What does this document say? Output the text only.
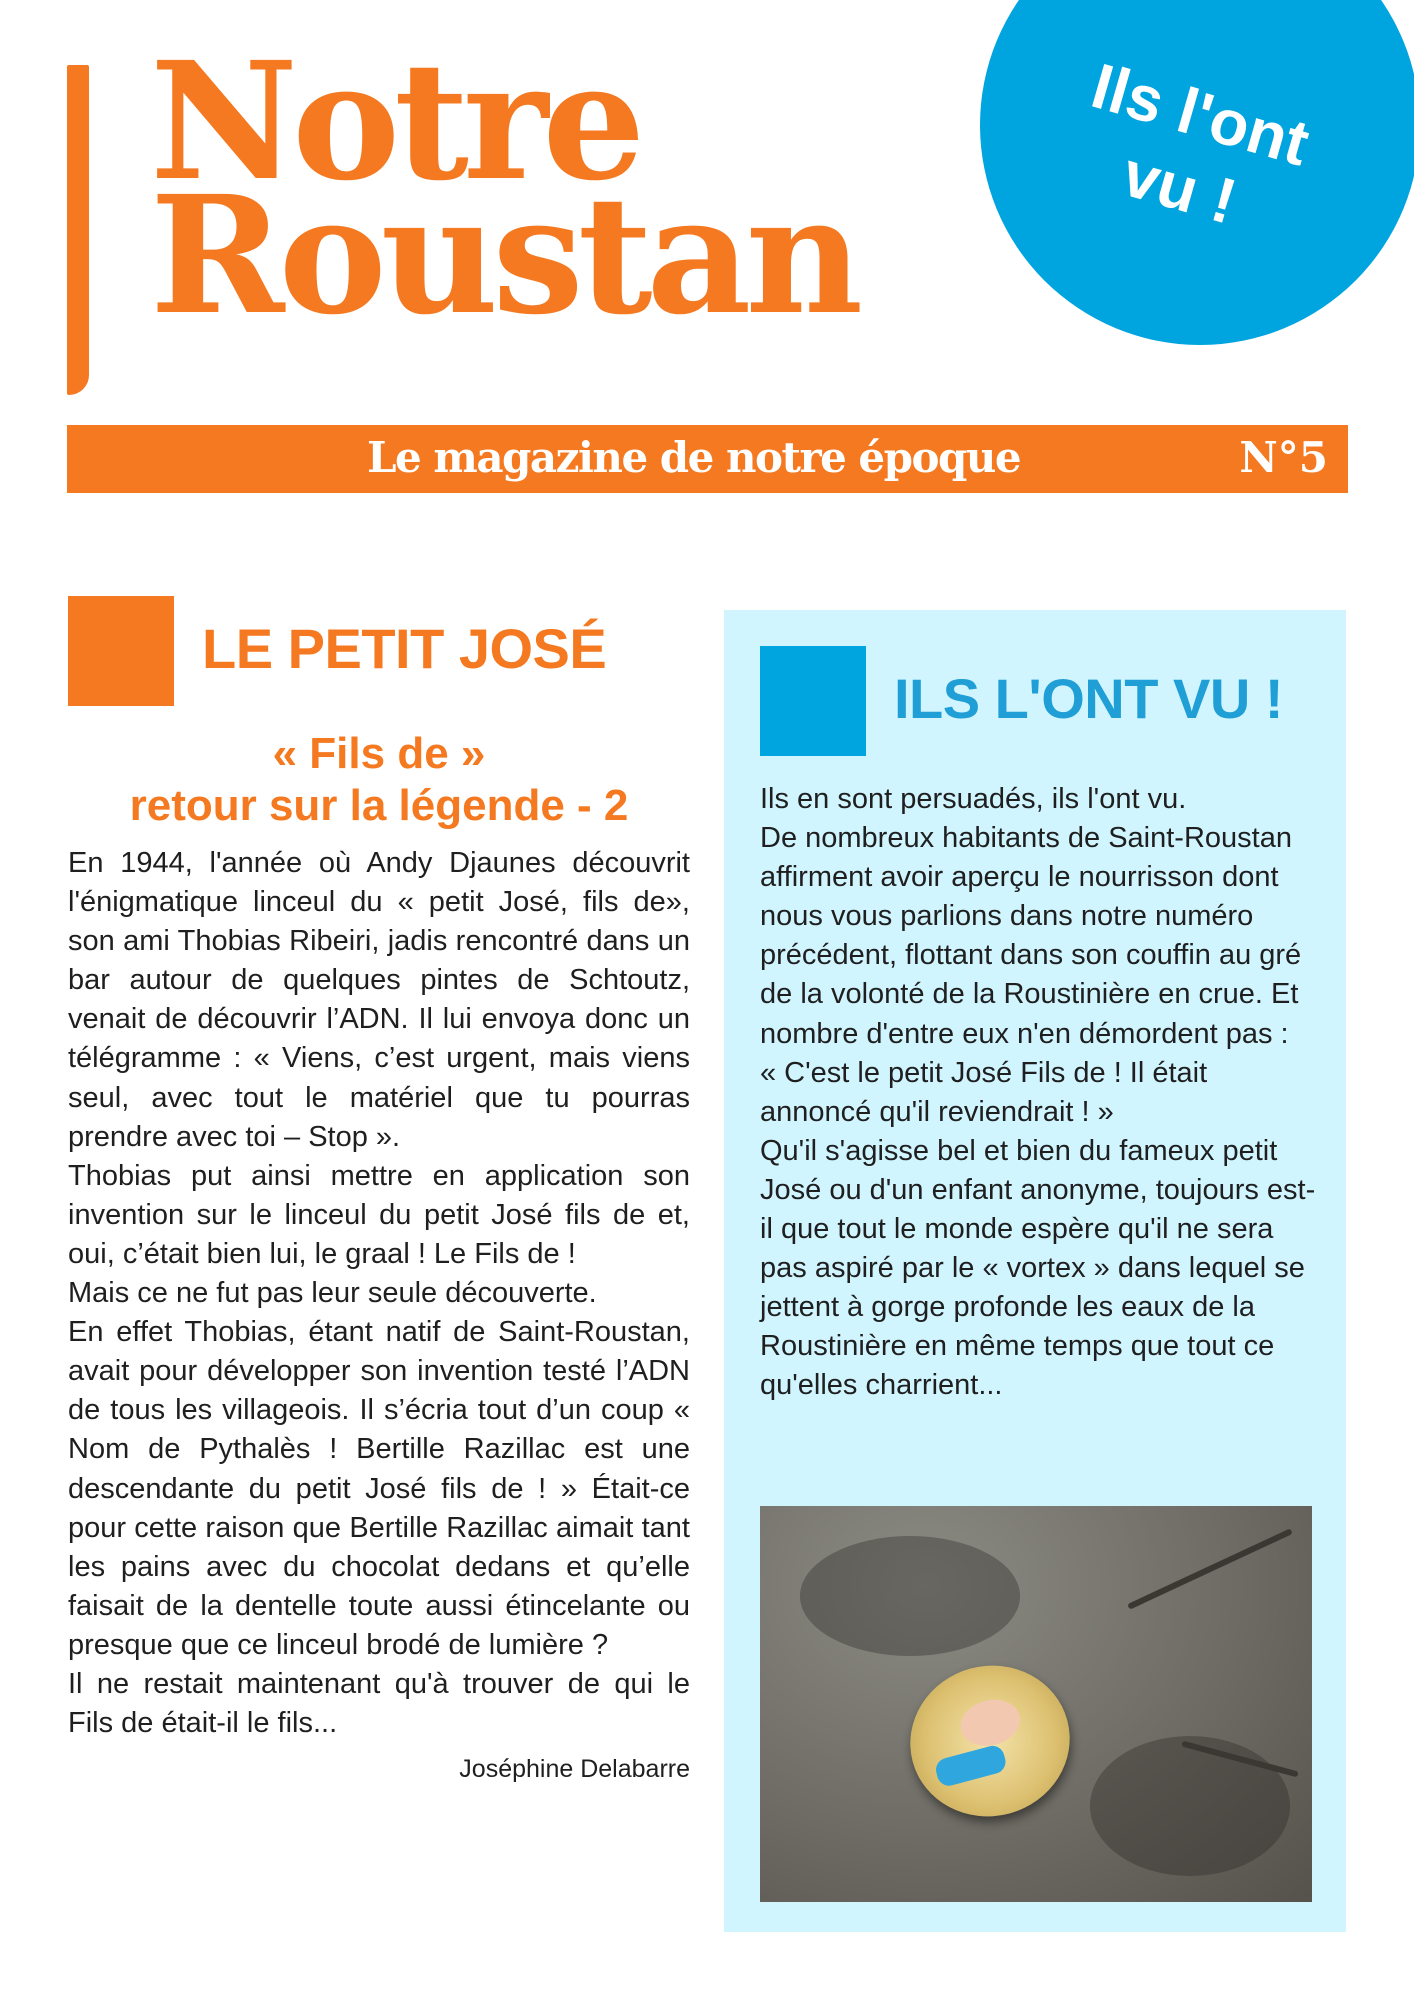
Notre
Roustan
Ils l'ont vu !
Le magazine de notre époque	N°5
LE PETIT JOSÉ
« Fils de »
retour sur la légende - 2

En 1944, l'année où Andy Djaunes découvrit l'énigmatique linceul du « petit José, fils de», son ami Thobias Ribeiri, jadis rencontré dans un bar autour de quelques pintes de Schtoutz, venait de découvrir l’ADN. Il lui envoya donc un télégramme : « Viens, c’est urgent, mais viens seul, avec tout le matériel que tu pourras prendre avec toi – Stop ».

Thobias put ainsi mettre en application son invention sur le linceul du petit José fils de et, oui, c’était bien lui, le graal ! Le Fils de !

Mais ce ne fut pas leur seule découverte.

En effet Thobias, étant natif de Saint-Roustan, avait pour développer son invention testé l’ADN de tous les villageois. Il s’écria tout d’un coup « Nom de Pythalès ! Bertille Razillac est une descendante du petit José fils de ! » Était-ce pour cette raison que Bertille Razillac aimait tant les pains avec du chocolat dedans et qu’elle faisait de la dentelle toute aussi étincelante ou presque que ce linceul brodé de lumière ?

Il ne restait maintenant qu'à trouver de qui le Fils de était-il le fils...

Joséphine Delabarre
ILS L'ONT VU !

Ils en sont persuadés, ils l'ont vu.

De nombreux habitants de Saint-Roustan affirment avoir aperçu le nourrisson dont nous vous parlions dans notre numéro précédent, flottant dans son couffin au gré de la volonté de la Roustinière en crue. Et nombre d'entre eux n'en démordent pas :

« C'est le petit José Fils de ! Il était annoncé qu'il reviendrait ! »

Qu'il s'agisse bel et bien du fameux petit José ou d'un enfant anonyme, toujours est-il que tout le monde espère qu'il ne sera pas aspiré par le « vortex » dans lequel se jettent à gorge profonde les eaux de la Roustinière en même temps que tout ce qu'elles charrient...
